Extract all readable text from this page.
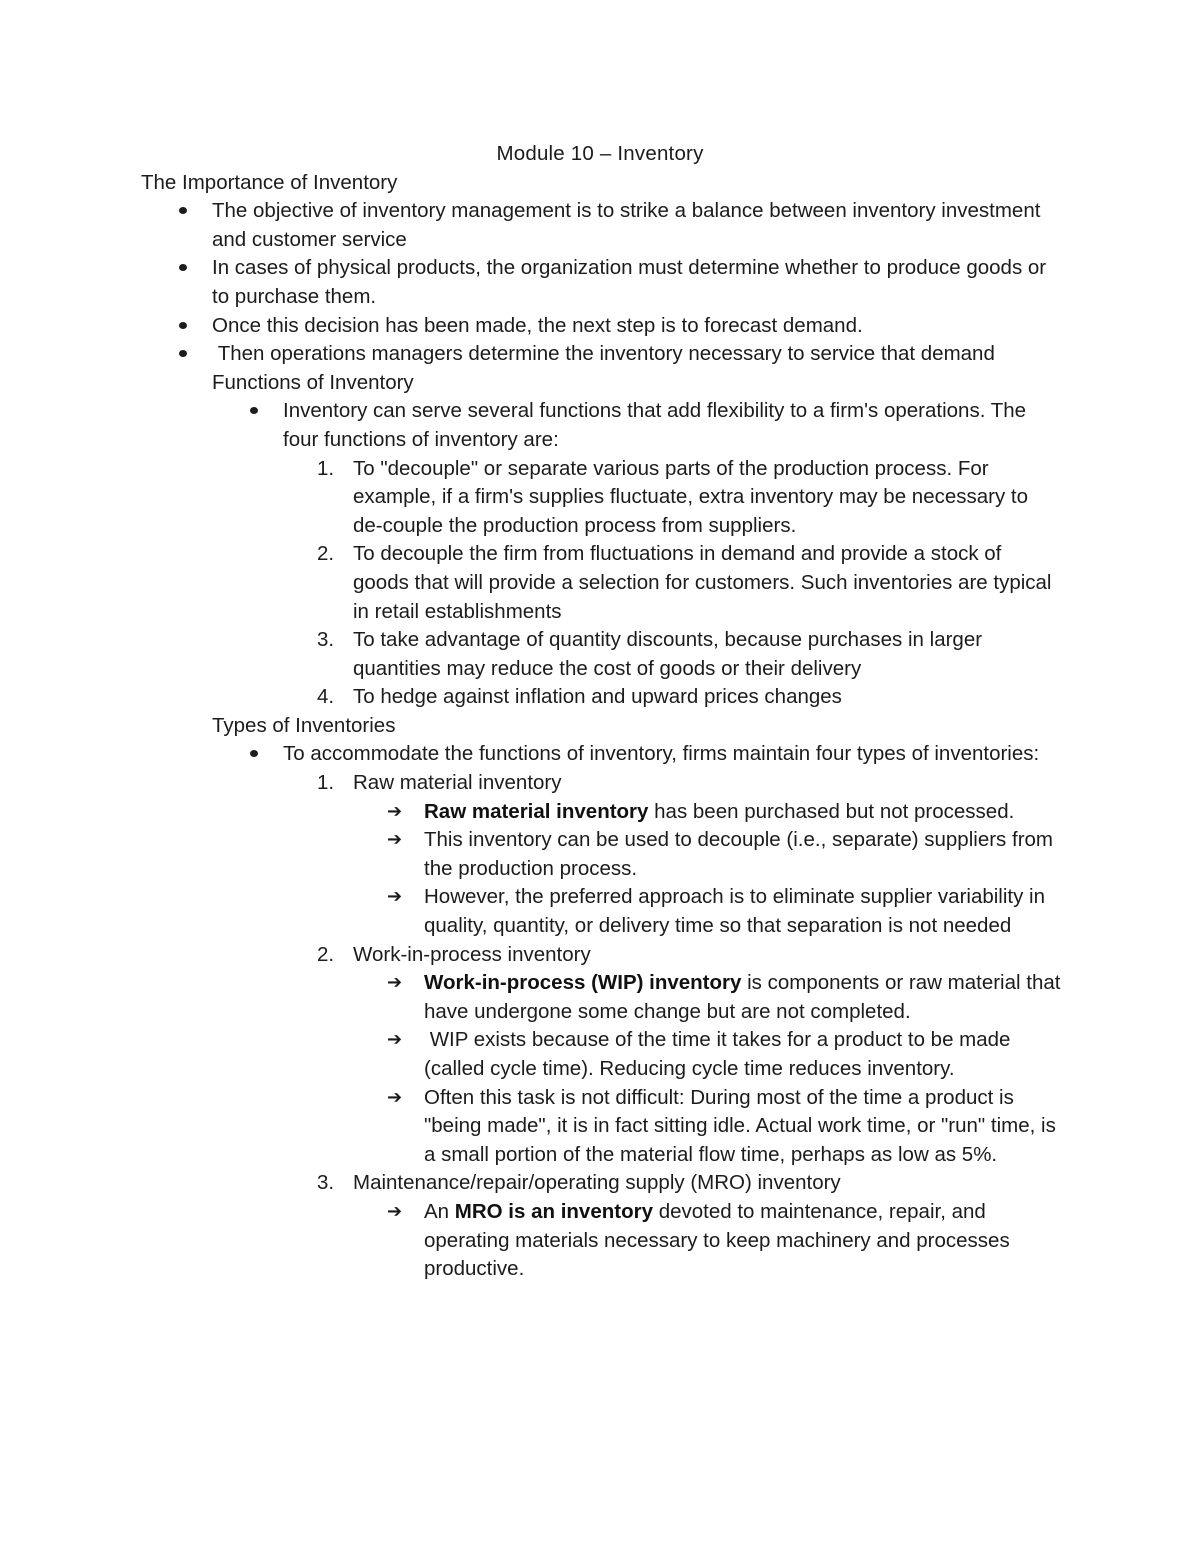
Module 10 – Inventory
The Importance of Inventory
The objective of inventory management is to strike a balance between inventory investment and customer service
In cases of physical products, the organization must determine whether to produce goods or to purchase them.
Once this decision has been made, the next step is to forecast demand.
Then operations managers determine the inventory necessary to service that demand
Functions of Inventory
Inventory can serve several functions that add flexibility to a firm's operations. The four functions of inventory are:
1. To "decouple" or separate various parts of the production process. For example, if a firm's supplies fluctuate, extra inventory may be necessary to de-couple the production process from suppliers.
2. To decouple the firm from fluctuations in demand and provide a stock of goods that will provide a selection for customers. Such inventories are typical in retail establishments
3. To take advantage of quantity discounts, because purchases in larger quantities may reduce the cost of goods or their delivery
4. To hedge against inflation and upward prices changes
Types of Inventories
To accommodate the functions of inventory, firms maintain four types of inventories:
1. Raw material inventory
➔ Raw material inventory has been purchased but not processed.
➔ This inventory can be used to decouple (i.e., separate) suppliers from the production process.
➔ However, the preferred approach is to eliminate supplier variability in quality, quantity, or delivery time so that separation is not needed
2. Work-in-process inventory
➔ Work-in-process (WIP) inventory is components or raw material that have undergone some change but are not completed.
➔ WIP exists because of the time it takes for a product to be made (called cycle time). Reducing cycle time reduces inventory.
➔ Often this task is not difficult: During most of the time a product is "being made", it is in fact sitting idle. Actual work time, or "run" time, is a small portion of the material flow time, perhaps as low as 5%.
3. Maintenance/repair/operating supply (MRO) inventory
➔ An MRO is an inventory devoted to maintenance, repair, and operating materials necessary to keep machinery and processes productive.
